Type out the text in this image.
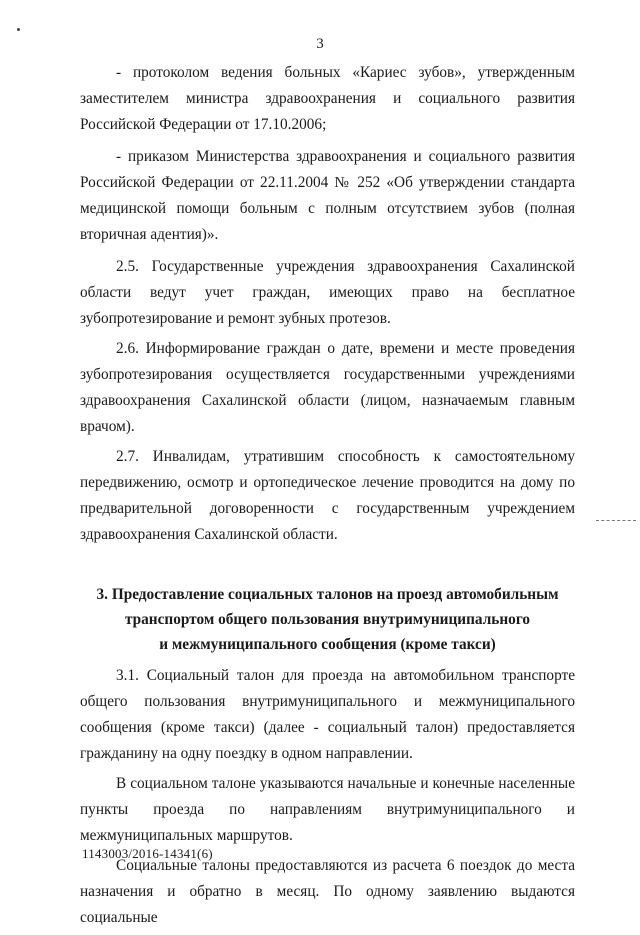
3

- протоколом ведения больных «Кариес зубов», утвержденным заместителем министра здравоохранения и социального развития Российской Федерации от 17.10.2006;

- приказом Министерства здравоохранения и социального развития Российской Федерации от 22.11.2004 № 252 «Об утверждении стандарта медицинской помощи больным с полным отсутствием зубов (полная вторичная адентия)».

2.5. Государственные учреждения здравоохранения Сахалинской области ведут учет граждан, имеющих право на бесплатное зубопротезирование и ремонт зубных протезов.

2.6. Информирование граждан о дате, времени и месте проведения зубопротезирования осуществляется государственными учреждениями здравоохранения Сахалинской области (лицом, назначаемым главным врачом).

2.7. Инвалидам, утратившим способность к самостоятельному передвижению, осмотр и ортопедическое лечение проводится на дому по предварительной договоренности с государственным учреждением здравоохранения Сахалинской области.

3. Предоставление социальных талонов на проезд автомобильным
транспортом общего пользования внутримуниципального
и межмуниципального сообщения (кроме такси)

3.1. Социальный талон для проезда на автомобильном транспорте общего пользования внутримуниципального и межмуниципального сообщения (кроме такси) (далее - социальный талон) предоставляется гражданину на одну поездку в одном направлении.

В социальном талоне указываются начальные и конечные населенные пункты проезда по направлениям внутримуниципального и межмуниципальных маршрутов.

Социальные талоны предоставляются из расчета 6 поездок до места назначения и обратно в месяц. По одному заявлению выдаются социальные

1143003/2016-14341(6)
